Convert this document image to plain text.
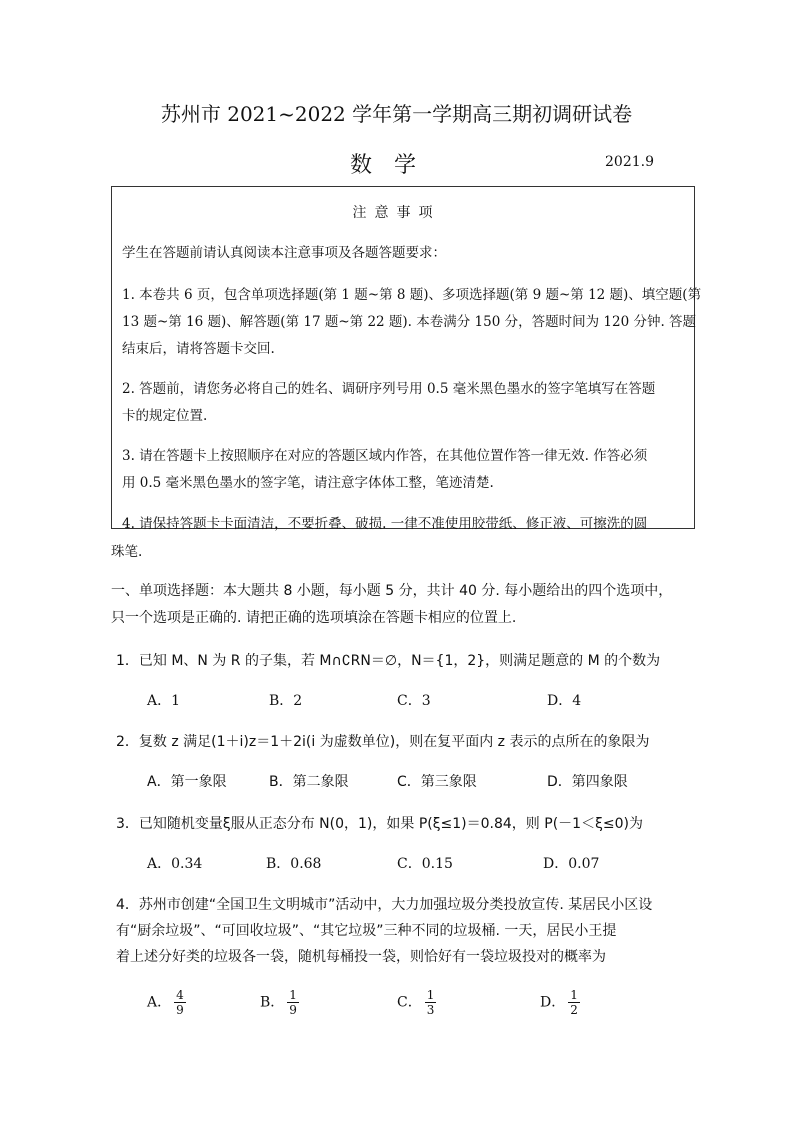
苏州市 2021~2022 学年第一学期高三期初调研试卷
数学	2021.9
注意事项
学生在答题前请认真阅读本注意事项及各题答题要求：
1. 本卷共 6 页，包含单项选择题(第 1 题~第 8 题)、多项选择题(第 9 题~第 12 题)、填空题(第
13 题~第 16 题)、解答题(第 17 题~第 22 题). 本卷满分 150 分，答题时间为 120 分钟. 答题
结束后，请将答题卡交回.
2. 答题前，请您务必将自己的姓名、调研序列号用 0.5 毫米黑色墨水的签字笔填写在答题
卡的规定位置.
3. 请在答题卡上按照顺序在对应的答题区域内作答，在其他位置作答一律无效. 作答必须
用 0.5 毫米黑色墨水的签字笔，请注意字体体工整，笔迹清楚.
4. 请保持答题卡卡面清洁，不要折叠、破损. 一律不准使用胶带纸、修正液、可擦洗的圆
珠笔.
一、单项选择题：本大题共 8 小题，每小题 5 分，共计 40 分. 每小题给出的四个选项中，
只一个选项是正确的. 请把正确的选项填涂在答题卡相应的位置上.
1．已知 M、N 为 R 的子集，若 M∩∁RN＝∅，N＝{1，2}，则满足题意的 M 的个数为
A．1	B．2	C．3	D．4
2．复数 z 满足(1＋i)z＝1＋2i(i 为虚数单位)，则在复平面内 z 表示的点所在的象限为
A．第一象限	B．第二象限	C．第三象限	D．第四象限
3．已知随机变量ξ服从正态分布 N(0，1)，如果 P(ξ≤1)＝0.84，则 P(－1＜ξ≤0)为
A．0.34	B．0.68	C．0.15	D．0.07
4．苏州市创建“全国卫生文明城市”活动中，大力加强垃圾分类投放宣传. 某居民小区设
有“厨余垃圾”、“可回收垃圾”、“其它垃圾”三种不同的垃圾桶. 一天，居民小王提
着上述分好类的垃圾各一袋，随机每桶投一袋，则恰好有一袋垃圾投对的概率为
A． $\frac{4}{9}$	B． $\frac{1}{9}$	C． $\frac{1}{3}$	D． $\frac{1}{2}$
